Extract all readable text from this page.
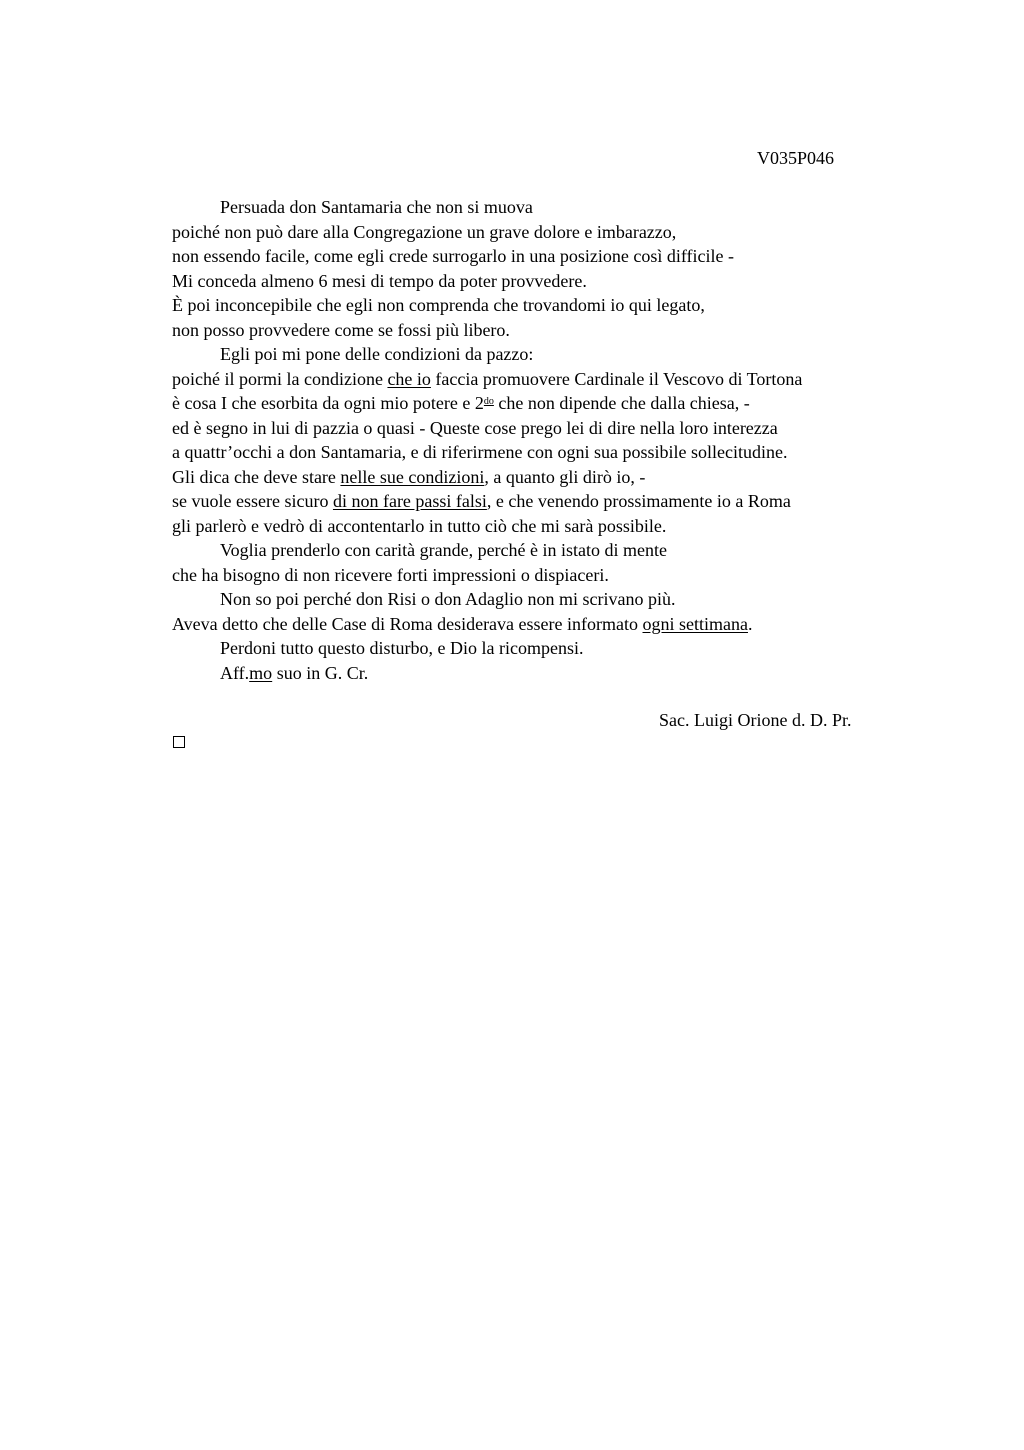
V035P046
Persuada don Santamaria che non si muova
poiché non può dare alla Congregazione un grave dolore e imbarazzo,
non essendo facile, come egli crede surrogarlo in una posizione così difficile -
Mi conceda almeno 6 mesi di tempo da poter provvedere.
È poi inconcepibile che egli non comprenda che trovandomi io qui legato,
non posso provvedere come se fossi più libero.
Egli poi mi pone delle condizioni da pazzo:
poiché il pormi la condizione che io faccia promuovere Cardinale il Vescovo di Tortona
è cosa I che esorbita da ogni mio potere e $2^{do}$ che non dipende che dalla chiesa, -
ed è segno in lui di pazzia o quasi - Queste cose prego lei di dire nella loro interezza
a quattr’occhi a don Santamaria, e di riferirmene con ogni sua possibile sollecitudine.
Gli dica che deve stare nelle sue condizioni, a quanto gli dirò io, -
se vuole essere sicuro di non fare passi falsi, e che venendo prossimamente io a Roma
gli parlerò e vedrò di accontentarlo in tutto ciò che mi sarà possibile.
Voglia prenderlo con carità grande, perché è in istato di mente
che ha bisogno di non ricevere forti impressioni o dispiaceri.
Non so poi perché don Risi o don Adaglio non mi scrivano più.
Aveva detto che delle Case di Roma desiderava essere informato ogni settimana.
Perdoni tutto questo disturbo, e Dio la ricompensi.
Aff.mo suo in G. Cr.
Sac. Luigi Orione d. D. Pr.
